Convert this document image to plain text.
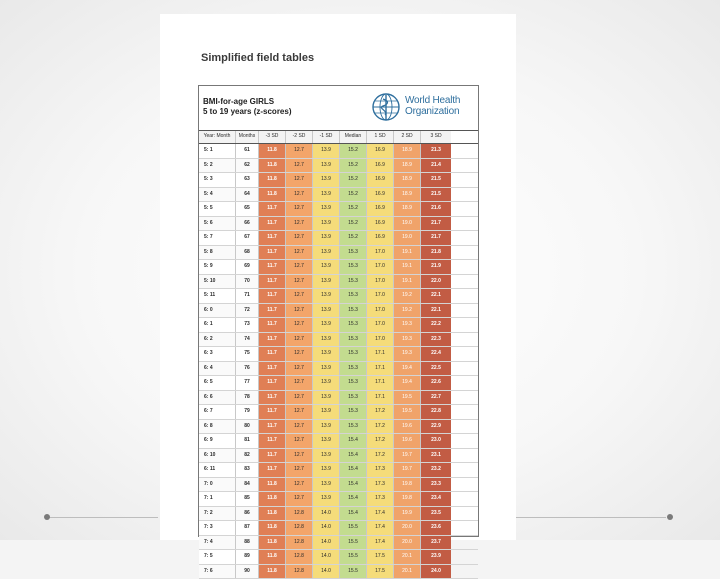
Simplified field tables
BMI-for-age GIRLS
5 to 19 years (z-scores)
World Health
Organization
Year: Month	Months	-3 SD	-2 SD	-1 SD	Median	1 SD	2 SD	3 SD
5: 1	61	11.8	12.7	13.9	15.2	16.9	18.9	21.3
5: 2	62	11.8	12.7	13.9	15.2	16.9	18.9	21.4
5: 3	63	11.8	12.7	13.9	15.2	16.9	18.9	21.5
5: 4	64	11.8	12.7	13.9	15.2	16.9	18.9	21.5
5: 5	65	11.7	12.7	13.9	15.2	16.9	18.9	21.6
5: 6	66	11.7	12.7	13.9	15.2	16.9	19.0	21.7
5: 7	67	11.7	12.7	13.9	15.2	16.9	19.0	21.7
5: 8	68	11.7	12.7	13.9	15.3	17.0	19.1	21.8
5: 9	69	11.7	12.7	13.9	15.3	17.0	19.1	21.9
5: 10	70	11.7	12.7	13.9	15.3	17.0	19.1	22.0
5: 11	71	11.7	12.7	13.9	15.3	17.0	19.2	22.1
6: 0	72	11.7	12.7	13.9	15.3	17.0	19.2	22.1
6: 1	73	11.7	12.7	13.9	15.3	17.0	19.3	22.2
6: 2	74	11.7	12.7	13.9	15.3	17.0	19.3	22.3
6: 3	75	11.7	12.7	13.9	15.3	17.1	19.3	22.4
6: 4	76	11.7	12.7	13.9	15.3	17.1	19.4	22.5
6: 5	77	11.7	12.7	13.9	15.3	17.1	19.4	22.6
6: 6	78	11.7	12.7	13.9	15.3	17.1	19.5	22.7
6: 7	79	11.7	12.7	13.9	15.3	17.2	19.5	22.8
6: 8	80	11.7	12.7	13.9	15.3	17.2	19.6	22.9
6: 9	81	11.7	12.7	13.9	15.4	17.2	19.6	23.0
6: 10	82	11.7	12.7	13.9	15.4	17.2	19.7	23.1
6: 11	83	11.7	12.7	13.9	15.4	17.3	19.7	23.2
7: 0	84	11.8	12.7	13.9	15.4	17.3	19.8	23.3
7: 1	85	11.8	12.7	13.9	15.4	17.3	19.8	23.4
7: 2	86	11.8	12.8	14.0	15.4	17.4	19.9	23.5
7: 3	87	11.8	12.8	14.0	15.5	17.4	20.0	23.6
7: 4	88	11.8	12.8	14.0	15.5	17.4	20.0	23.7
7: 5	89	11.8	12.8	14.0	15.5	17.5	20.1	23.9
7: 6	90	11.8	12.8	14.0	15.5	17.5	20.1	24.0
